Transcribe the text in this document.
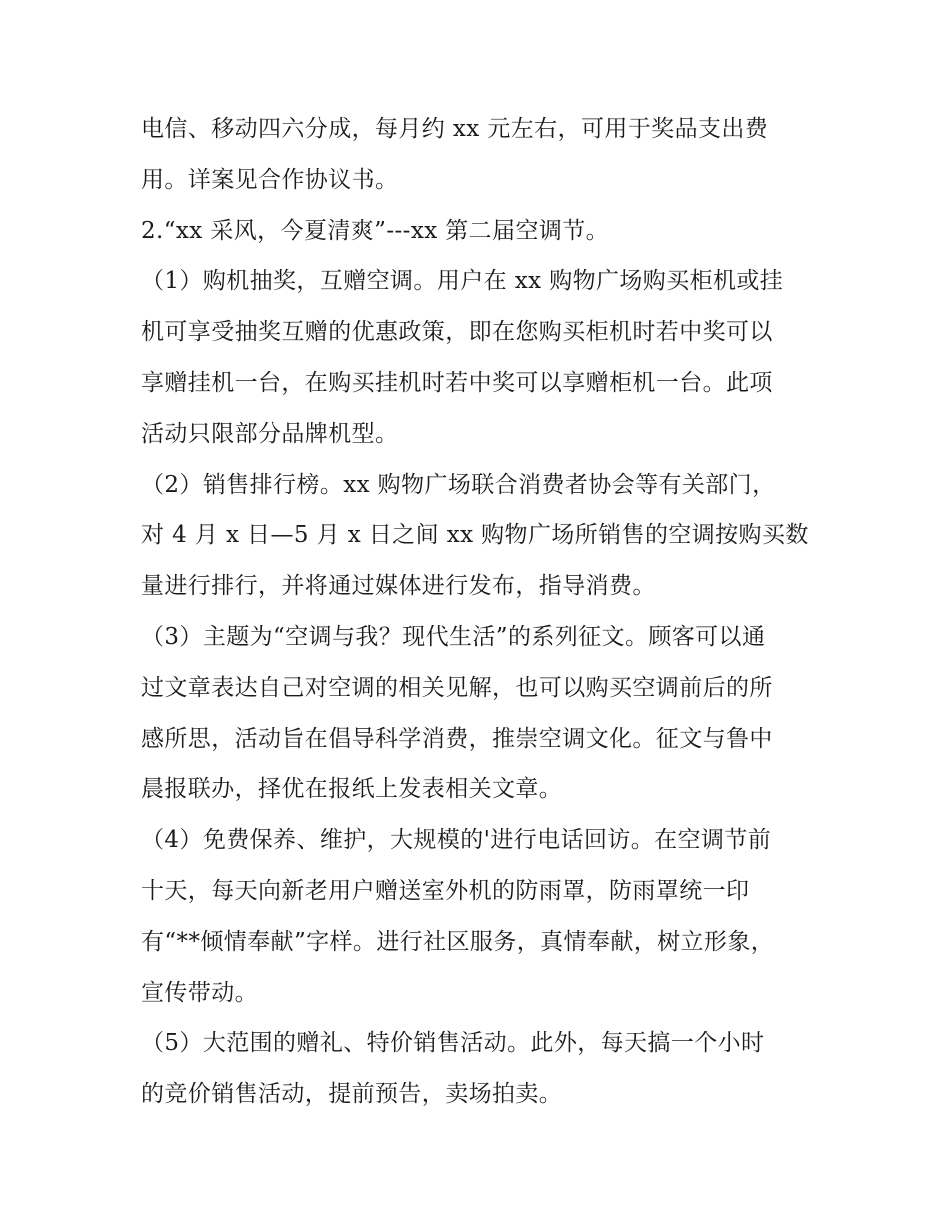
电信、移动四六分成，每月约 xx 元左右，可用于奖品支出费
用。详案见合作协议书。
2.“xx 采风，今夏清爽”---xx 第二届空调节。
（1）购机抽奖，互赠空调。用户在 xx 购物广场购买柜机或挂
机可享受抽奖互赠的优惠政策，即在您购买柜机时若中奖可以
享赠挂机一台，在购买挂机时若中奖可以享赠柜机一台。此项
活动只限部分品牌机型。
（2）销售排行榜。xx 购物广场联合消费者协会等有关部门，
对 4 月 x 日—5 月 x 日之间 xx 购物广场所销售的空调按购买数
量进行排行，并将通过媒体进行发布，指导消费。
（3）主题为“空调与我？现代生活”的系列征文。顾客可以通
过文章表达自己对空调的相关见解，也可以购买空调前后的所
感所思，活动旨在倡导科学消费，推崇空调文化。征文与鲁中
晨报联办，择优在报纸上发表相关文章。
（4）免费保养、维护，大规模的'进行电话回访。在空调节前
十天，每天向新老用户赠送室外机的防雨罩，防雨罩统一印
有“**倾情奉献”字样。进行社区服务，真情奉献，树立形象，
宣传带动。
（5）大范围的赠礼、特价销售活动。此外，每天搞一个小时
的竞价销售活动，提前预告，卖场拍卖。
